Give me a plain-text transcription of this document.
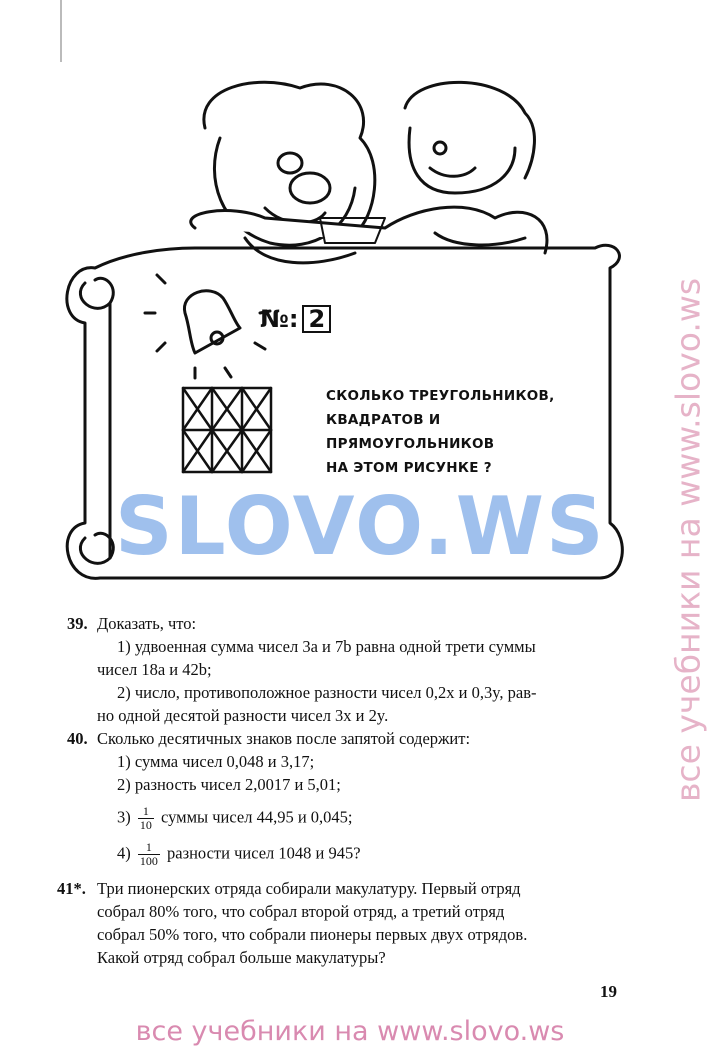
№: 2
СКОЛЬКО ТРЕУГОЛЬНИКОВ,
КВАДРАТОВ И
ПРЯМОУГОЛЬНИКОВ
НА ЭТОМ РИСУНКЕ ?
SLOVO.WS все учебники на www.slovo.ws
39. Доказать, что:
1) удвоенная сумма чисел 3a и 7b равна одной трети суммы
чисел 18a и 42b;
2) число, противоположное разности чисел 0,2x и 0,3y, рав-
но одной десятой разности чисел 3x и 2y.
40. Сколько десятичных знаков после запятой содержит:
1) сумма чисел 0,048 и 3,17;
2) разность чисел 2,0017 и 5,01;
$3) \frac{1}{10}$ суммы чисел 44,95 и 0,045;
$4) \frac{1}{100}$ разности чисел 1048 и 945?
41*. Три пионерских отряда собирали макулатуру. Первый отряд
собрал 80% того, что собрал второй отряд, а третий отряд
собрал 50% того, что собрали пионеры первых двух отрядов.
Какой отряд собрал больше макулатуры?
19
все учебники на www.slovo.ws
